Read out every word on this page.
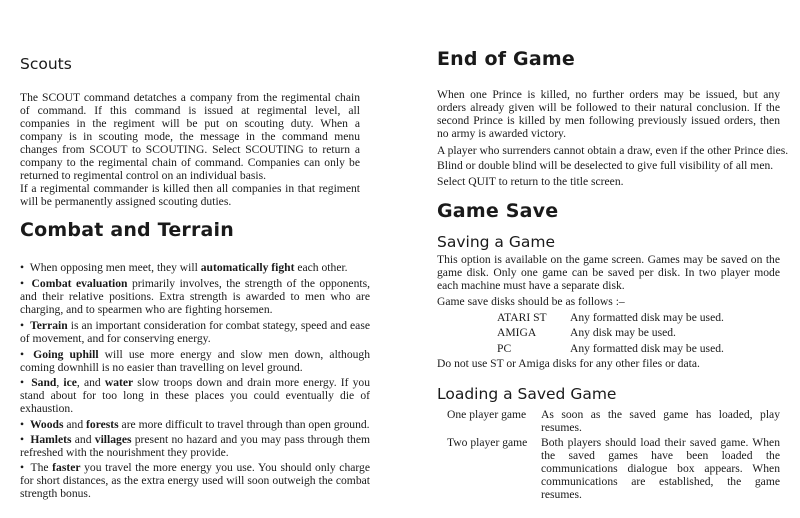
Scouts
The SCOUT command detatches a company from the regimental chain of command. If this command is issued at regimental level, all companies in the regiment will be put on scouting duty. When a company is in scouting mode, the message in the command menu changes from SCOUT to SCOUTING. Select SCOUTING to return a company to the regimental chain of command. Companies can only be returned to regimental control on an individual basis.
If a regimental commander is killed then all companies in that regiment will be permanently assigned scouting duties.
Combat and Terrain
• When opposing men meet, they will automatically fight each other.
• Combat evaluation primarily involves, the strength of the opponents, and their relative positions. Extra strength is awarded to men who are charging, and to spearmen who are fighting horsemen.
• Terrain is an important consideration for combat stategy, speed and ease of movement, and for conserving energy.
• Going uphill will use more energy and slow men down, although coming downhill is no easier than travelling on level ground.
• Sand, ice, and water slow troops down and drain more energy. If you stand about for too long in these places you could eventually die of exhaustion.
• Woods and forests are more difficult to travel through than open ground.
• Hamlets and villages present no hazard and you may pass through them refreshed with the nourishment they provide.
• The faster you travel the more energy you use. You should only charge for short distances, as the extra energy used will soon outweigh the combat strength bonus.
End of Game
When one Prince is killed, no further orders may be issued, but any orders already given will be followed to their natural conclusion. If the second Prince is killed by men following previously issued orders, then no army is awarded victory.
A player who surrenders cannot obtain a draw, even if the other Prince dies.
Blind or double blind will be deselected to give full visibility of all men.
Select QUIT to return to the title screen.
Game Save
Saving a Game
This option is available on the game screen. Games may be saved on the game disk. Only one game can be saved per disk. In two player mode each machine must have a separate disk.
Game save disks should be as follows :–
ATARI ST Any formatted disk may be used.
AMIGA	Any disk may be used.
PC	Any formatted disk may be used.
Do not use ST or Amiga disks for any other files or data.
Loading a Saved Game
One player game As soon as the saved game has loaded, play resumes.
Two player game Both players should load their saved game. When the saved games have been loaded the communications dialogue box appears. When communications are established, the game resumes.
